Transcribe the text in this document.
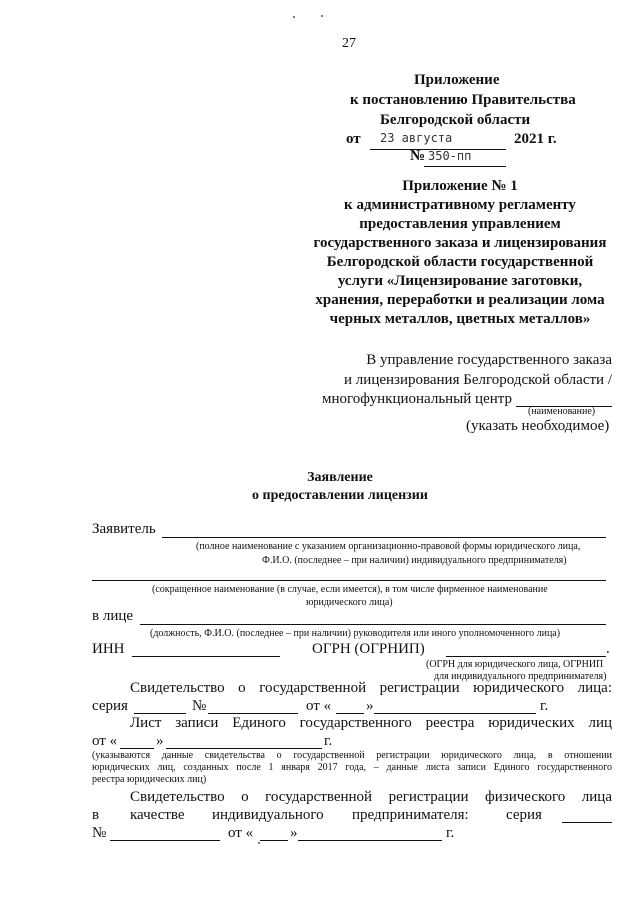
27
Приложение
к постановлению Правительства
Белгородской области
от 23 августа	2021 г.
№ 350-пп
Приложение № 1
к административному регламенту
предоставления управлением
государственного заказа и лицензирования
Белгородской области государственной
услуги «Лицензирование заготовки,
хранения, переработки и реализации лома
черных металлов, цветных металлов»
В управление государственного заказа
и лицензирования Белгородской области /
многофункциональный центр
(наименование)
(указать необходимое)
Заявление
о предоставлении лицензии
Заявитель
(полное наименование с указанием организационно-правовой формы юридического лица,
Ф.И.О. (последнее – при наличии) индивидуального предпринимателя)
(сокращенное наименование (в случае, если имеется), в том числе фирменное наименование
юридического лица)
в лице
(должность, Ф.И.О. (последнее – при наличии) руководителя или иного уполномоченного лица)
ИНН	ОГРН (ОГРНИП)	.
(ОГРН для юридического лица, ОГРНИП
для индивидуального предпринимателя)
Свидетельство о государственной регистрации юридического лица:
серия	№	от « »	г.
Лист записи Единого государственного реестра юридических лиц
от «	»	г.
(указываются данные свидетельства о государственной регистрации юридического лица, в отношении
юридических лиц, созданных после 1 января 2017 года, – данные листа записи Единого государственного
реестра юридических лиц)
Свидетельство о государственной регистрации физического лица
в качестве индивидуального предпринимателя: серия
№	от « »	г.
